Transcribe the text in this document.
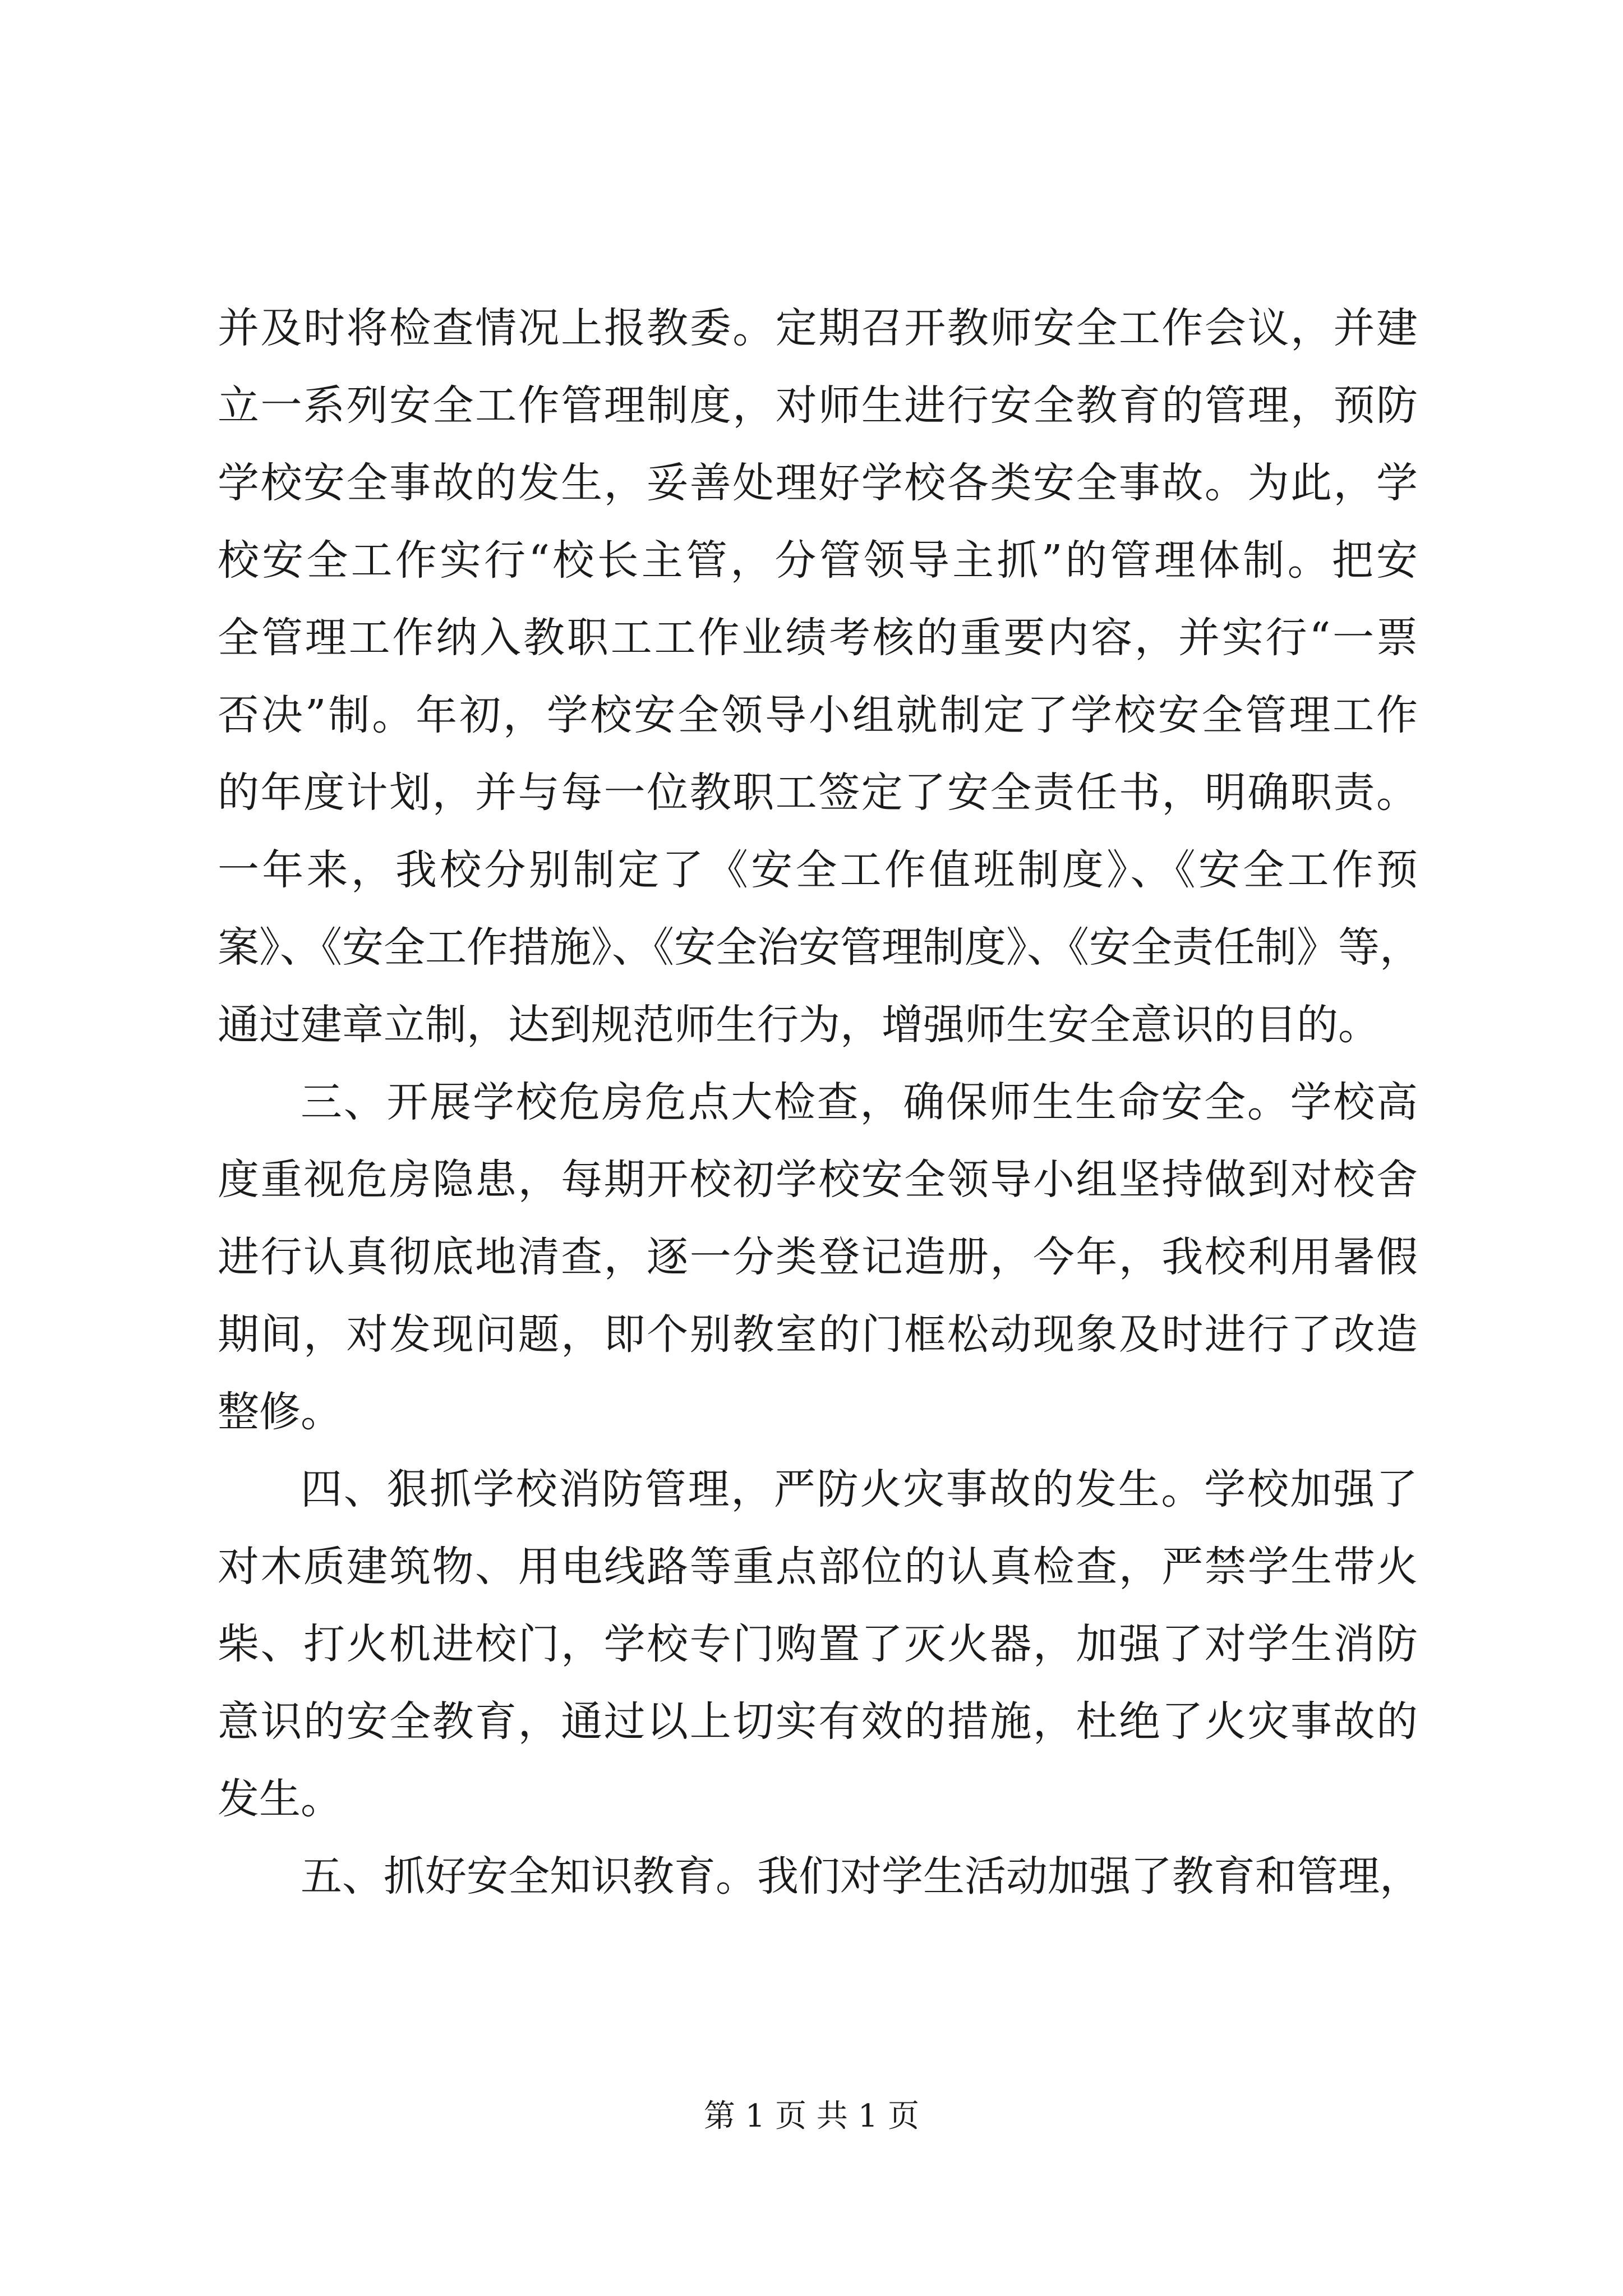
并及时将检查情况上报教委。定期召开教师安全工作会议，并建
立一系列安全工作管理制度，对师生进行安全教育的管理，预防
学校安全事故的发生，妥善处理好学校各类安全事故。为此，学
校安全工作实行“校长主管，分管领导主抓”的管理体制。把安
全管理工作纳入教职工工作业绩考核的重要内容，并实行“一票
否决”制。年初，学校安全领导小组就制定了学校安全管理工作
的年度计划，并与每一位教职工签定了安全责任书，明确职责。
一年来，我校分别制定了《安全工作值班制度》、《安全工作预
案》、《安全工作措施》、《安全治安管理制度》、《安全责任制》等，
通过建章立制，达到规范师生行为，增强师生安全意识的目的。
三、开展学校危房危点大检查，确保师生生命安全。学校高
度重视危房隐患，每期开校初学校安全领导小组坚持做到对校舍
进行认真彻底地清查，逐一分类登记造册，今年，我校利用暑假
期间，对发现问题，即个别教室的门框松动现象及时进行了改造
整修。
四、狠抓学校消防管理，严防火灾事故的发生。学校加强了
对木质建筑物、用电线路等重点部位的认真检查，严禁学生带火
柴、打火机进校门，学校专门购置了灭火器，加强了对学生消防
意识的安全教育，通过以上切实有效的措施，杜绝了火灾事故的
发生。
五、抓好安全知识教育。我们对学生活动加强了教育和管理，
第 1 页 共 1 页
